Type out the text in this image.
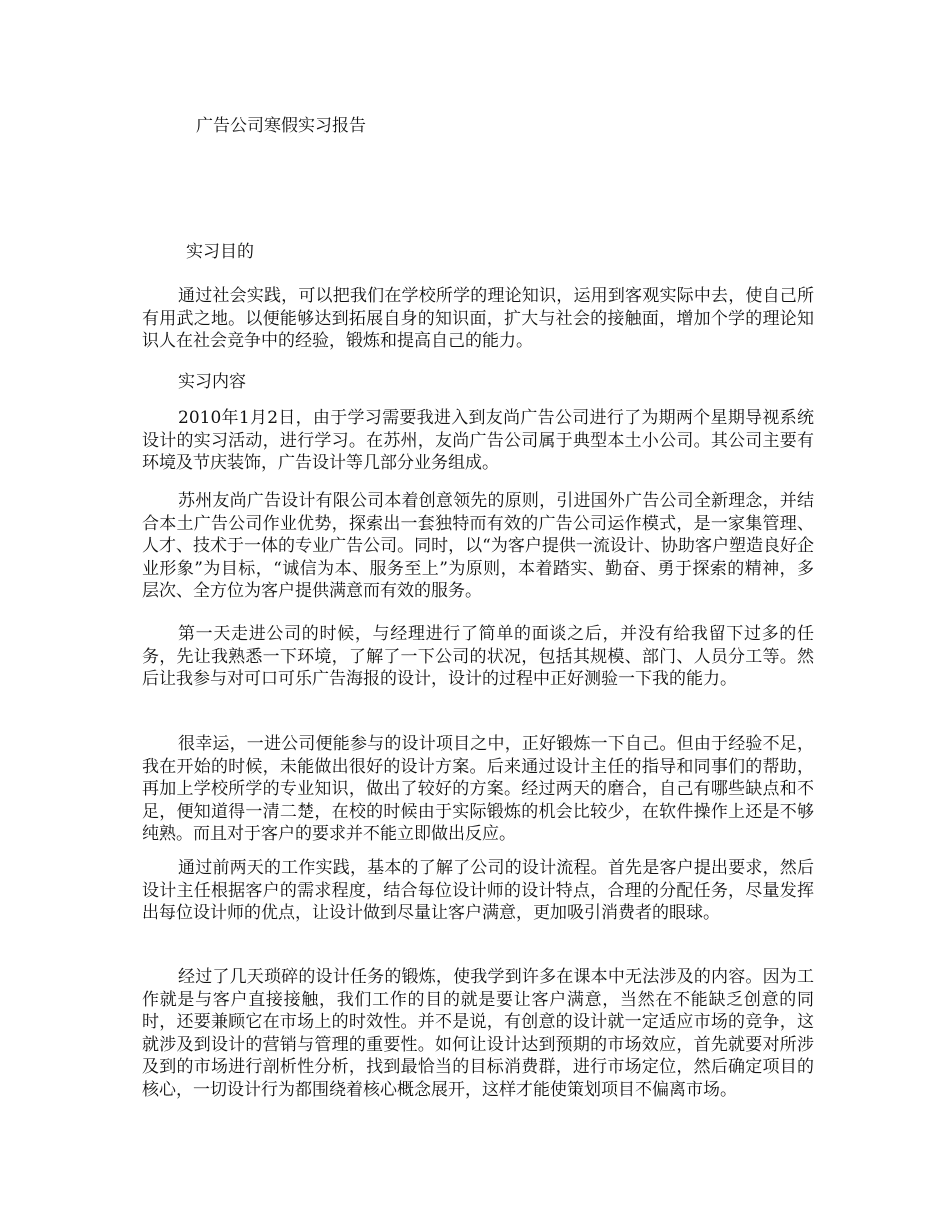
广告公司寒假实习报告
实习目的

通过社会实践，可以把我们在学校所学的理论知识，运用到客观实际中去，使自己所有用武之地。以便能够达到拓展自身的知识面，扩大与社会的接触面，增加个学的理论知识人在社会竞争中的经验，锻炼和提高自己的能力。

实习内容

2010年1月2日，由于学习需要我进入到友尚广告公司进行了为期两个星期导视系统设计的实习活动，进行学习。在苏州，友尚广告公司属于典型本土小公司。其公司主要有环境及节庆装饰，广告设计等几部分业务组成。

苏州友尚广告设计有限公司本着创意领先的原则，引进国外广告公司全新理念，并结合本土广告公司作业优势，探索出一套独特而有效的广告公司运作模式，是一家集管理、人才、技术于一体的专业广告公司。同时，以“为客户提供一流设计、协助客户塑造良好企业形象”为目标，“诚信为本、服务至上”为原则，本着踏实、勤奋、勇于探索的精神，多层次、全方位为客户提供满意而有效的服务。

第一天走进公司的时候，与经理进行了简单的面谈之后，并没有给我留下过多的任务，先让我熟悉一下环境，了解了一下公司的状况，包括其规模、部门、人员分工等。然后让我参与对可口可乐广告海报的设计，设计的过程中正好测验一下我的能力。

很幸运，一进公司便能参与的设计项目之中，正好锻炼一下自己。但由于经验不足，我在开始的时候，未能做出很好的设计方案。后来通过设计主任的指导和同事们的帮助，再加上学校所学的专业知识，做出了较好的方案。经过两天的磨合，自己有哪些缺点和不足，便知道得一清二楚，在校的时候由于实际锻炼的机会比较少，在软件操作上还是不够纯熟。而且对于客户的要求并不能立即做出反应。

通过前两天的工作实践，基本的了解了公司的设计流程。首先是客户提出要求，然后设计主任根据客户的需求程度，结合每位设计师的设计特点，合理的分配任务，尽量发挥出每位设计师的优点，让设计做到尽量让客户满意，更加吸引消费者的眼球。

经过了几天琐碎的设计任务的锻炼，使我学到许多在课本中无法涉及的内容。因为工作就是与客户直接接触，我们工作的目的就是要让客户满意，当然在不能缺乏创意的同时，还要兼顾它在市场上的时效性。并不是说，有创意的设计就一定适应市场的竞争，这就涉及到设计的营销与管理的重要性。如何让设计达到预期的市场效应，首先就要对所涉及到的市场进行剖析性分析，找到最恰当的目标消费群，进行市场定位，然后确定项目的核心，一切设计行为都围绕着核心概念展开，这样才能使策划项目不偏离市场。
